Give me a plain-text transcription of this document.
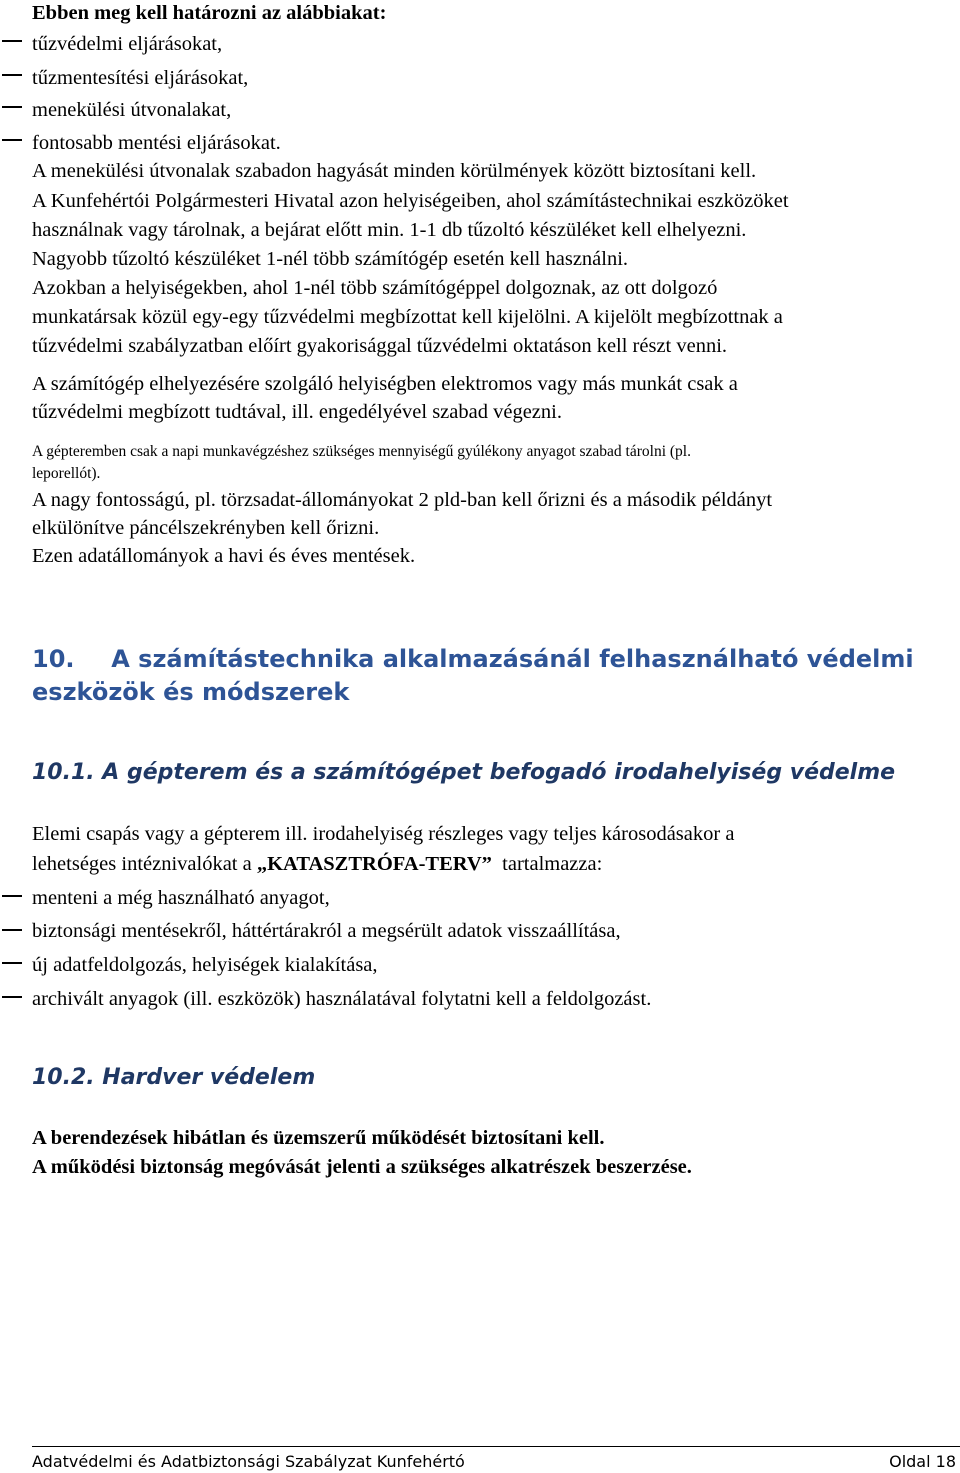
Ebben meg kell határozni az alábbiakat:
tűzvédelmi eljárásokat,
tűzmentesítési eljárásokat,
menekülési útvonalakat,
fontosabb mentési eljárásokat.
A menekülési útvonalak szabadon hagyását minden körülmények között biztosítani kell.
A Kunfehértói Polgármesteri Hivatal azon helyiségeiben, ahol számítástechnikai eszközöket
használnak vagy tárolnak, a bejárat előtt min. 1-1 db tűzoltó készüléket kell elhelyezni.
Nagyobb tűzoltó készüléket 1-nél több számítógép esetén kell használni.
Azokban a helyiségekben, ahol 1-nél több számítógéppel dolgoznak, az ott dolgozó
munkatársak közül egy-egy tűzvédelmi megbízottat kell kijelölni. A kijelölt megbízottnak a
tűzvédelmi szabályzatban előírt gyakorisággal tűzvédelmi oktatáson kell részt venni.
A számítógép elhelyezésére szolgáló helyiségben elektromos vagy más munkát csak a
tűzvédelmi megbízott tudtával, ill. engedélyével szabad végezni.
A gépteremben csak a napi munkavégzéshez szükséges mennyiségű gyúlékony anyagot szabad tárolni (pl.
leporellót).
A nagy fontosságú, pl. törzsadat-állományokat 2 pld-ban kell őrizni és a második példányt
elkülönítve páncélszekrényben kell őrizni.
Ezen adatállományok a havi és éves mentések.
10. A számítástechnika alkalmazásánál felhasználható védelmi
eszközök és módszerek
10.1. A gépterem és a számítógépet befogadó irodahelyiség védelme
Elemi csapás vagy a gépterem ill. irodahelyiség részleges vagy teljes károsodásakor a
lehetséges intéznivalókat a „KATASZTRÓFA-TERV”  tartalmazza:
menteni a még használható anyagot,
biztonsági mentésekről, háttértárakról a megsérült adatok visszaállítása,
új adatfeldolgozás, helyiségek kialakítása,
archivált anyagok (ill. eszközök) használatával folytatni kell a feldolgozást.
10.2. Hardver védelem
A berendezések hibátlan és üzemszerű működését biztosítani kell.
A működési biztonság megóvását jelenti a szükséges alkatrészek beszerzése.
Adatvédelmi és Adatbiztonsági Szabályzat Kunfehértó	Oldal 18
